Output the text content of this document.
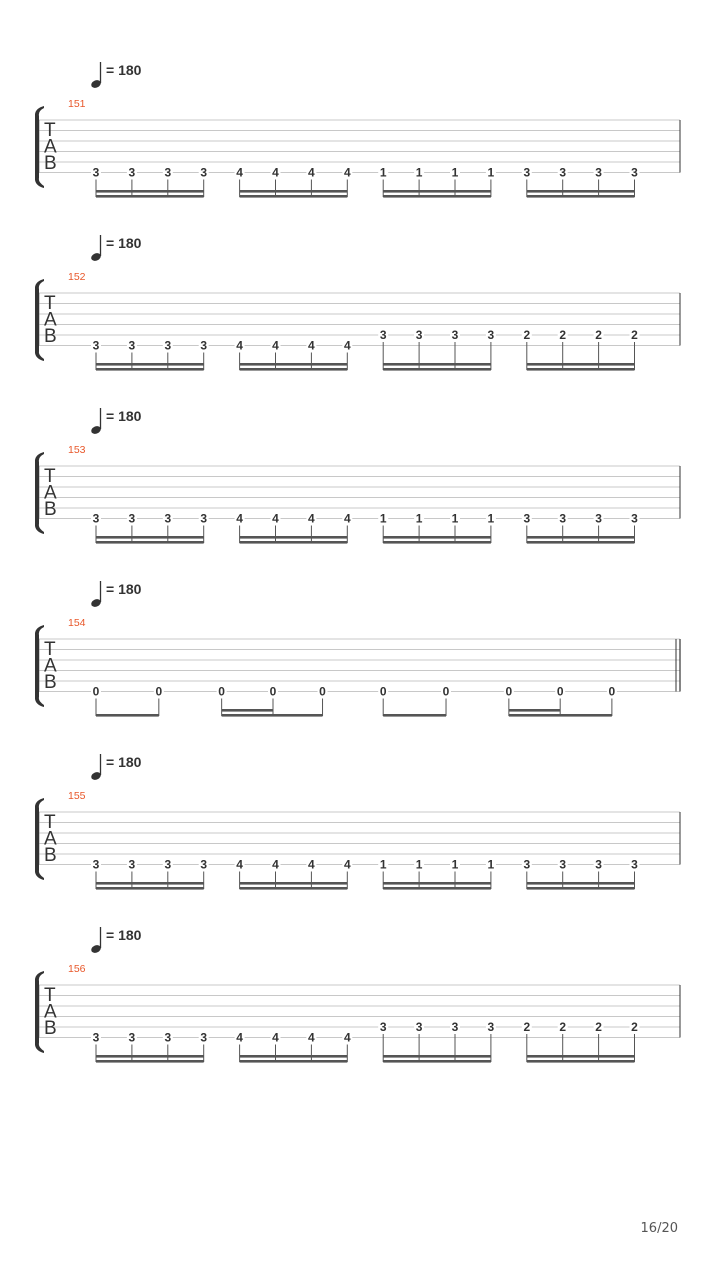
= 180
151
T
A
B	3 3 3 3 4 4 4 4 1 1 1 1 3 3 3 3
= 180
152
T
A
B	3 3 3 3 4 4 4 4
3 3 3 3 2 2 2 2
= 180
153
T
A
B	3 3 3 3 4 4 4 4 1 1 1 1 3 3 3 3
= 180
154
T
A
B	0	0	0	0	0	0	0	0	0	0
= 180
155
T
A
B	3 3 3 3 4 4 4 4 1 1 1 1 3 3 3 3
= 180
156
T
A
B	3 3 3 3 4 4 4 4
3 3 3 3 2 2 2 2
16/20
